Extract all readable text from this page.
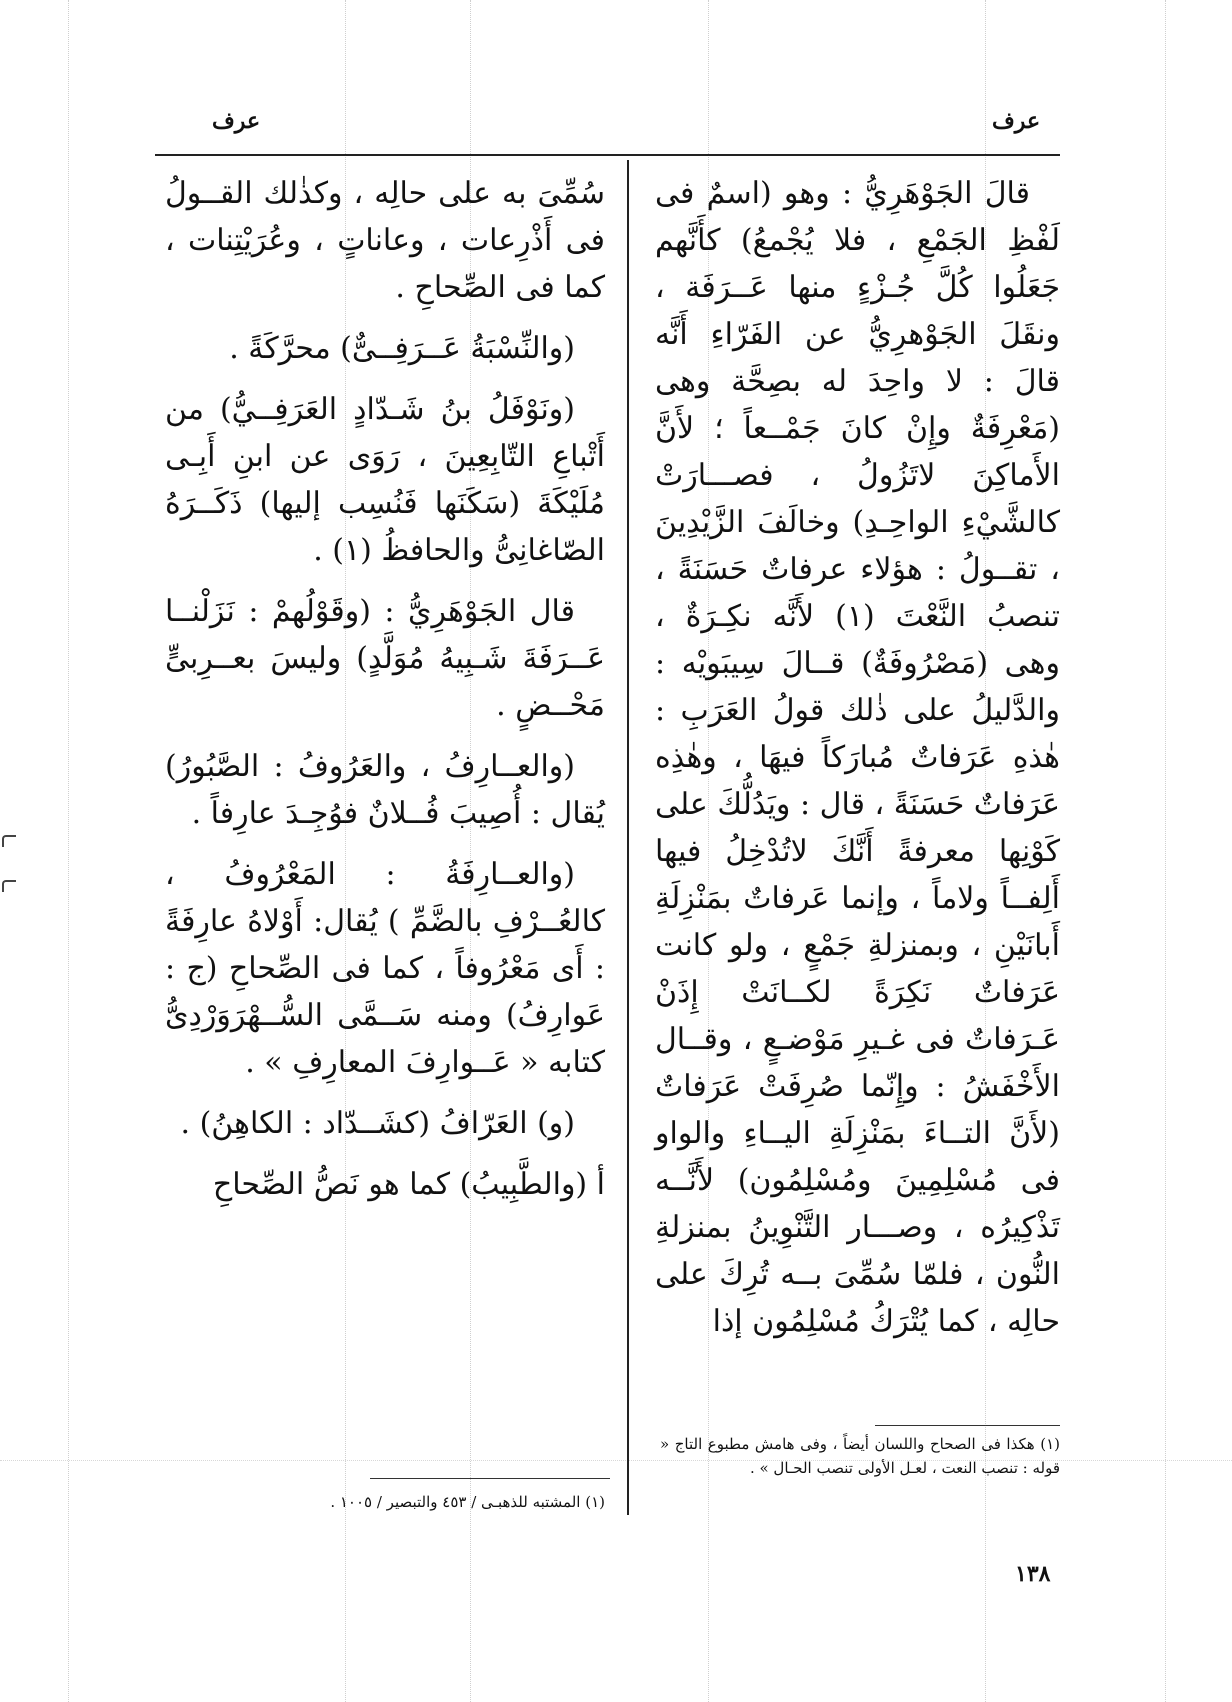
عرف
عرف

قالَ الجَوْهَرِيُّ : وهو (اسمٌ فى لَفْظِ الجَمْعِ ، فلا يُجْمعُ) كأَنَّهم جَعَلُوا كُلَّ جُـزْءٍ منها عَــرَفَة ، ونقَلَ الجَوْهرِيُّ عن الفَرّاءِ أَنَّه قالَ : لا واحِدَ له بصِحَّة وهى (مَعْرِفَةٌ وإِنْ كانَ جَمْــعاً ؛ لأَنَّ الأَماكِنَ لاتَزُولُ ، فصـــارَتْ كالشَّيْءِ الواحِـدِ) وخالَفَ الزَّيْدِينَ ، تقــولُ : هؤلاء عرفاتٌ حَسَنَةً ، تنصبُ النَّعْتَ (١) لأَنَّه نكِـرَةٌ ، وهى (مَصْرُوفَةٌ) قــالَ سِيبَويْه : والدَّليلُ على ذٰلك قولُ العَرَبِ : هٰذهِ عَرَفاتٌ مُبارَكاً فيهَا ، وهٰذِه عَرَفاتٌ حَسَنَةً ، قال : ويَدُلُّكَ على كَوْنِها معرفةً أَنَّكَ لاتُدْخِلُ فيها أَلِفــاً ولاماً ، وإنما عَرفاتٌ بمَنْزِلَةِ أَبانَيْنِ ، وبمنزلةِ جَمْعٍ ، ولو كانت عَرَفاتٌ نَكِرَةً لكــانَتْ إِذَنْ عَـرَفاتٌ فى غـيرِ مَوْضـعٍ ، وقــال الأَخْفَشُ : وإِنّما صُرِفَتْ عَرَفاتٌ (لأَنَّ التــاءَ بمَنْزِلَةِ اليــاءِ والواو فى مُسْلِمِينَ ومُسْلِمُون) لأَنَّــه تَذْكِيرُه ، وصـــار التَّنْوِينُ بمنزلةِ النُّون ، فلمّا سُمِّىَ بــه تُرِكَ على حالِه ، كما يُتْرَكُ مُسْلِمُون إذا

(١) هكذا فى الصحاح واللسان أيضاً ، وفى هامش مطبوع التاج « قوله : تنصب النعت ، لعـل الأولى تنصب الحـال » .

سُمِّىَ به على حالِه ، وكذٰلك القــولُ فى أَذْرِعات ، وعاناتٍ ، وعُرَيْتِنات ، كما فى الصِّحاحِ .

(والنِّسْبَةُ عَــرَفِــىٌّ) محرَّكَةً .

(ونَوْفَلُ بنُ شَـدّادٍ العَرَفِــيُّ) من أَتْباعِ التّابِعِينَ ، رَوَى عن ابنِ أَبِـى مُلَيْكَةَ (سَكَنَها فَنُسِب إليها) ذَكَــرَهُ الصّاغانِىُّ والحافظُ (١) .

قال الجَوْهَرِيُّ : (وقَوْلُهمْ : نَزَلْنــا عَــرَفَةَ شَـبِيهُ مُوَلَّدٍ) وليسَ بعــرِبىٍّ مَحْــضٍ .

(والعــارِفُ ، والعَرُوفُ : الصَّبُورُ) يُقال : أُصِيبَ فُــلانٌ فوُجِـدَ عارِفاً .

(والعــارِفَةُ : المَعْرُوفُ ، كالعُــرْفِ بالضَّمِّ ) يُقال: أَوْلاهُ عارِفَةً : أَى مَعْرُوفاً ، كما فى الصِّحاحِ (ج : عَوارِفُ) ومنه سَــمَّى السُّــهْرَوَرْدِىُّ كتابه « عَــوارِفَ المعارِفِ » .

(و) العَرّافُ (كشَــدّاد : الكاهِنُ) .

أ (والطَّبِيبُ) كما هو نَصُّ الصِّحاحِ

(١) المشتبه للذهبـى / ٤٥٣ والتبصير / ١٠٠٥ .
١٣٨
